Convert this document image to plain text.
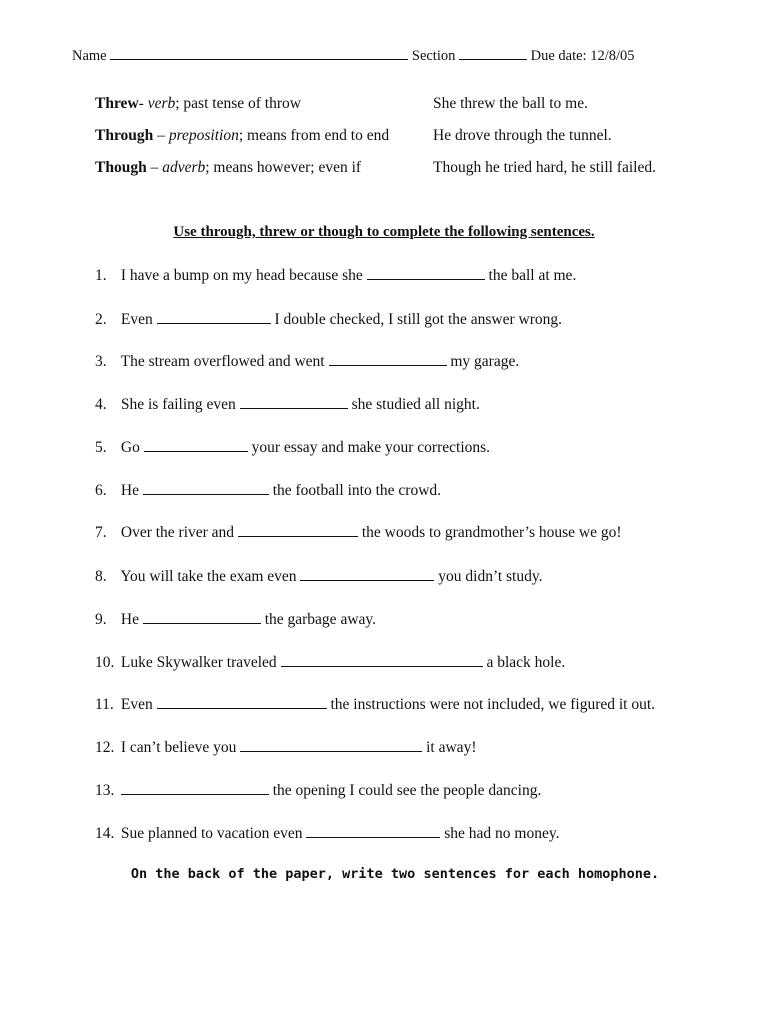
Name	Section	Due date: 12/8/05
Threw- verb; past tense of throw	She threw the ball to me.
Through – preposition; means from end to end	He drove through the tunnel.
Though – adverb; means however; even if	Though he tried hard, he still failed.
Use through, threw or though to complete the following sentences.
1. I have a bump on my head because she	the ball at me.
2. Even	I double checked, I still got the answer wrong.
3. The stream overflowed and went	my garage.
4. She is failing even	she studied all night.
5. Go	your essay and make your corrections.
6. He	the football into the crowd.
7. Over the river and	the woods to grandmother’s house we go!
8. You will take the exam even	you didn’t study.
9. He	the garbage away.
10. Luke Skywalker traveled	a black hole.
11. Even	the instructions were not included, we figured it out.
12. I can’t believe you	it away!
13.	the opening I could see the people dancing.
14. Sue planned to vacation even	she had no money.
On the back of the paper, write two sentences for each homophone.
